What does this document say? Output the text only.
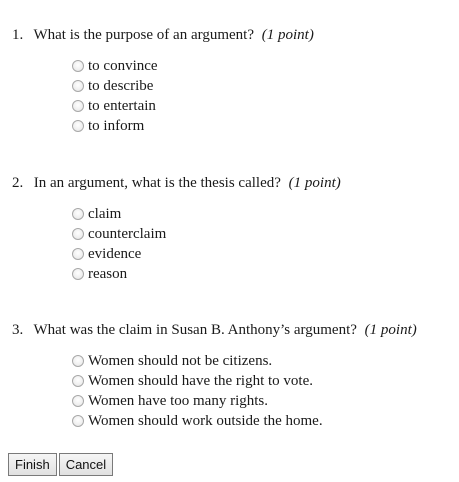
1. What is the purpose of an argument? (1 point)
to convince
to describe
to entertain
to inform
2. In an argument, what is the thesis called? (1 point)
claim
counterclaim
evidence
reason
3. What was the claim in Susan B. Anthony’s argument? (1 point)
Women should not be citizens.
Women should have the right to vote.
Women have too many rights.
Women should work outside the home.
Finish	Cancel
